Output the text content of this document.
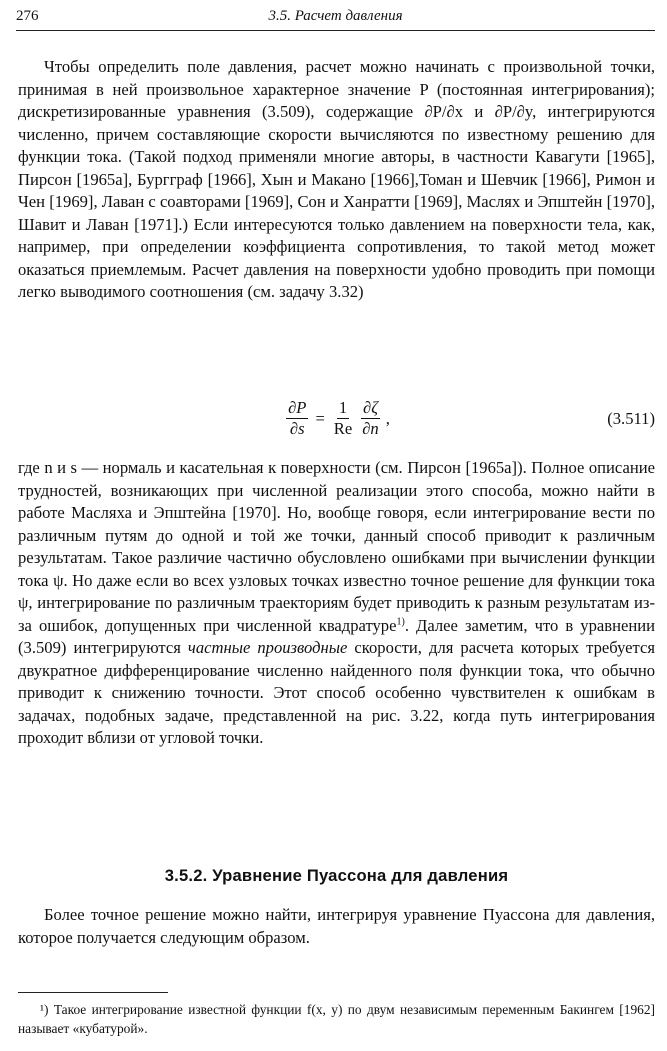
276	3.5. Расчет давления

Чтобы определить поле давления, расчет можно начинать с произвольной точки, принимая в ней произвольное характерное значение P (постоянная интегрирования); дискретизированные уравнения (3.509), содержащие ∂P/∂x и ∂P/∂y, интегрируются численно, причем составляющие скорости вычисляются по известному решению для функции тока. (Такой подход применяли многие авторы, в частности Кавагути [1965], Пирсон [1965a], Бургграф [1966], Хын и Макано [1966],Томан и Шевчик [1966], Римон и Чен [1969], Лаван с соавторами [1969], Сон и Ханратти [1969], Маслях и Эпштейн [1970], Шавит и Лаван [1971].) Если интересуются только давлением на поверхности тела, как, например, при определении коэффициента сопротивления, то такой метод может оказаться приемлемым. Расчет давления на поверхности удобно проводить при помощи легко выводимого соотношения (см. задачу 3.32)

$\frac{\partial P}{\partial s} = \frac{1}{Re} \frac{\partial\zeta}{\partial n}$ ,	(3.511)

где n и s — нормаль и касательная к поверхности (см. Пирсон [1965a]). Полное описание трудностей, возникающих при численной реализации этого способа, можно найти в работе Масляха и Эпштейна [1970]. Но, вообще говоря, если интегрирование вести по различным путям до одной и той же точки, данный способ приводит к различным результатам. Такое различие частично обусловлено ошибками при вычислении функции тока ψ. Но даже если во всех узловых точках известно точное решение для функции тока ψ, интегрирование по различным траекториям будет приводить к разным результатам из-за ошибок, допущенных при численной квадратуре$^{1)}$. Далее заметим, что в уравнении (3.509) интегрируются частные производные скорости, для расчета которых требуется двукратное дифференцирование численно найденного поля функции тока, что обычно приводит к снижению точности. Этот способ особенно чувствителен к ошибкам в задачах, подобных задаче, представленной на рис. 3.22, когда путь интегрирования проходит вблизи от угловой точки.

3.5.2. Уравнение Пуассона для давления

Более точное решение можно найти, интегрируя уравнение Пуассона для давления, которое получается следующим образом.

¹) Такое интегрирование известной функции f(x, y) по двум независимым переменным Бакингем [1962] называет «кубатурой».
